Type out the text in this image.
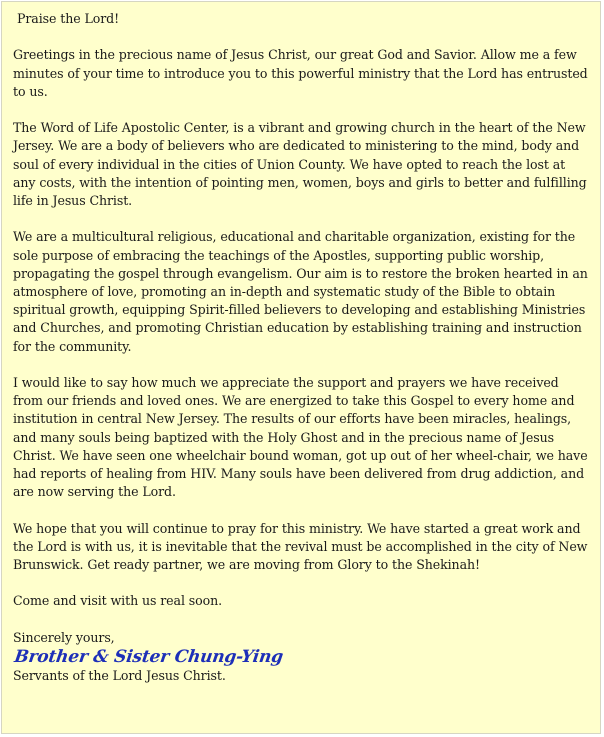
Praise the Lord!

Greetings in the precious name of Jesus Christ, our great God and Savior. Allow me a few minutes of your time to introduce you to this powerful ministry that the Lord has entrusted to us.

The Word of Life Apostolic Center, is a vibrant and growing church in the heart of the New Jersey. We are a body of believers who are dedicated to ministering to the mind, body and soul of every individual in the cities of Union County. We have opted to reach the lost at any costs, with the intention of pointing men, women, boys and girls to better and fulfilling life in Jesus Christ.

We are a multicultural religious, educational and charitable organization, existing for the sole purpose of embracing the teachings of the Apostles, supporting public worship, propagating the gospel through evangelism. Our aim is to restore the broken hearted in an atmosphere of love, promoting an in-depth and systematic study of the Bible to obtain spiritual growth, equipping Spirit-filled believers to developing and establishing Ministries and Churches, and promoting Christian education by establishing training and instruction for the community.

I would like to say how much we appreciate the support and prayers we have received from our friends and loved ones. We are energized to take this Gospel to every home and institution in central New Jersey. The results of our efforts have been miracles, healings, and many souls being baptized with the Holy Ghost and in the precious name of Jesus Christ. We have seen one wheelchair bound woman, got up out of her wheel-chair, we have had reports of healing from HIV. Many souls have been delivered from drug addiction, and are now serving the Lord.

We hope that you will continue to pray for this ministry. We have started a great work and the Lord is with us, it is inevitable that the revival must be accomplished in the city of New Brunswick. Get ready partner, we are moving from Glory to the Shekinah!

Come and visit with us real soon.

Sincerely yours,

Brother & Sister Chung-Ying

Servants of the Lord Jesus Christ.
